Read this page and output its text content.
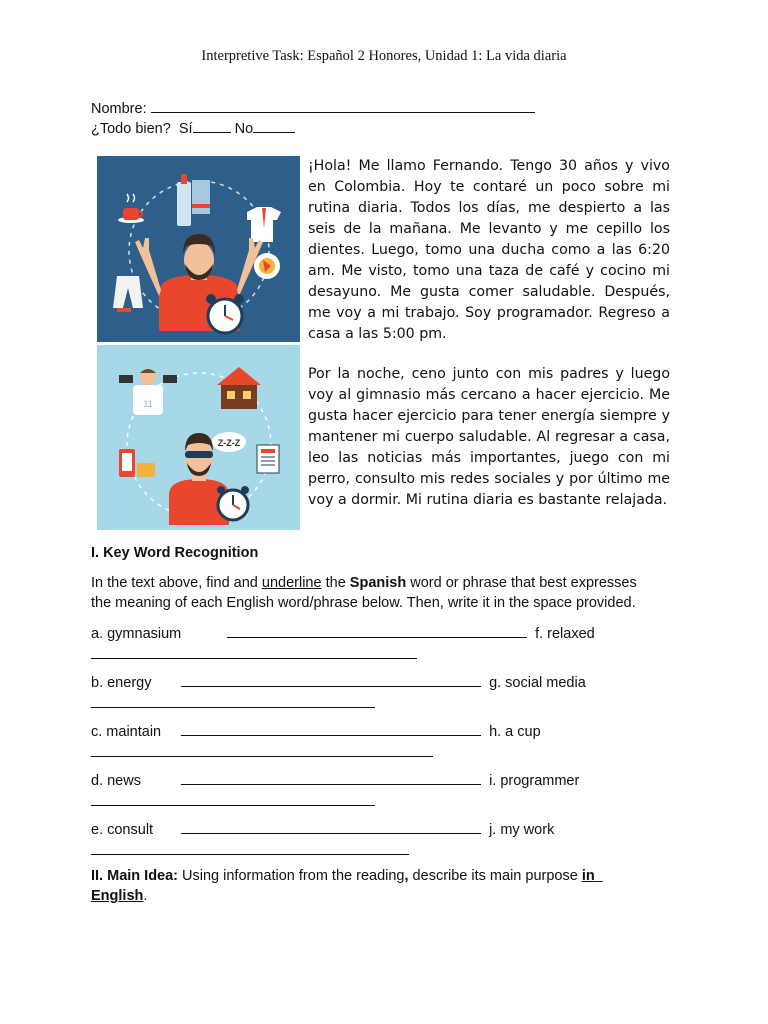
Interpretive Task: Español 2 Honores, Unidad 1: La vida diaria
Nombre:
¿Todo bien? Sí	No
11
Z-Z-Z
¡Hola! Me llamo Fernando. Tengo 30 años y vivo en Colombia. Hoy te contaré un poco sobre mi rutina diaria. Todos los días, me despierto a las seis de la mañana. Me levanto y me cepillo los dientes. Luego, tomo una ducha como a las 6:20 am. Me visto, tomo una taza de café y cocino mi desayuno. Me gusta comer saludable. Después, me voy a mi trabajo. Soy programador. Regreso a casa a las 5:00 pm.
Por la noche, ceno junto con mis padres y luego voy al gimnasio más cercano a hacer ejercicio. Me gusta hacer ejercicio para tener energía siempre y mantener mi cuerpo saludable. Al regresar a casa, leo las noticias más importantes, juego con mi perro, consulto mis redes sociales y por último me voy a dormir. Mi rutina diaria es bastante relajada.
I. Key Word Recognition
In the text above, find and underline the Spanish word or phrase that best expresses
the meaning of each English word/phrase below. Then, write it in the space provided.
a. gymnasium	f. relaxed
b. energy	g. social media
c. maintain	h. a cup
d. news	i. programmer
e. consult	j. my work
II. Main Idea: Using information from the reading, describe its main purpose in
English.
